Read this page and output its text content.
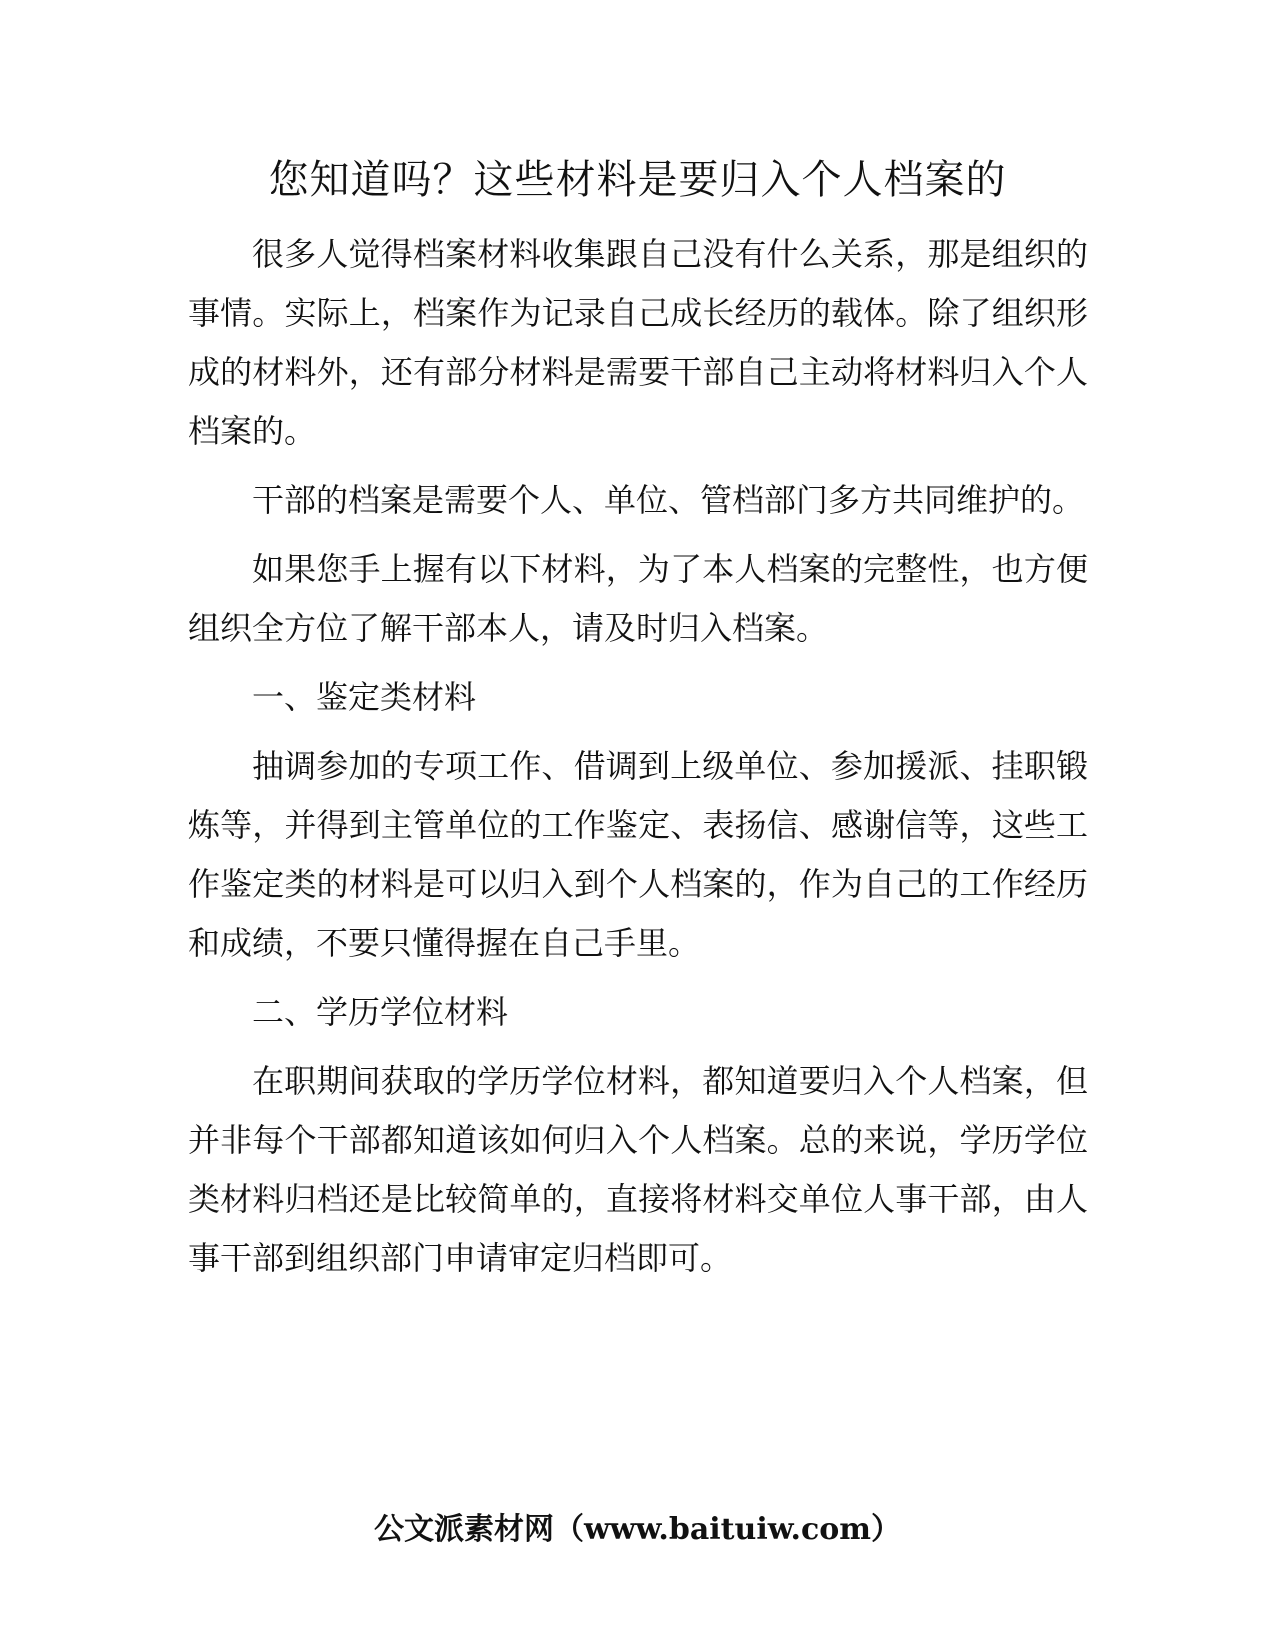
您知道吗？这些材料是要归入个人档案的

很多人觉得档案材料收集跟自己没有什么关系，那是组织的事情。实际上，档案作为记录自己成长经历的载体。除了组织形成的材料外，还有部分材料是需要干部自己主动将材料归入个人档案的。

干部的档案是需要个人、单位、管档部门多方共同维护的。

如果您手上握有以下材料，为了本人档案的完整性，也方便组织全方位了解干部本人，请及时归入档案。

一、鉴定类材料

抽调参加的专项工作、借调到上级单位、参加援派、挂职锻炼等，并得到主管单位的工作鉴定、表扬信、感谢信等，这些工作鉴定类的材料是可以归入到个人档案的，作为自己的工作经历和成绩，不要只懂得握在自己手里。

二、学历学位材料

在职期间获取的学历学位材料，都知道要归入个人档案，但并非每个干部都知道该如何归入个人档案。总的来说，学历学位类材料归档还是比较简单的，直接将材料交单位人事干部，由人事干部到组织部门申请审定归档即可。

公文派素材网（www.baituiw.com）
